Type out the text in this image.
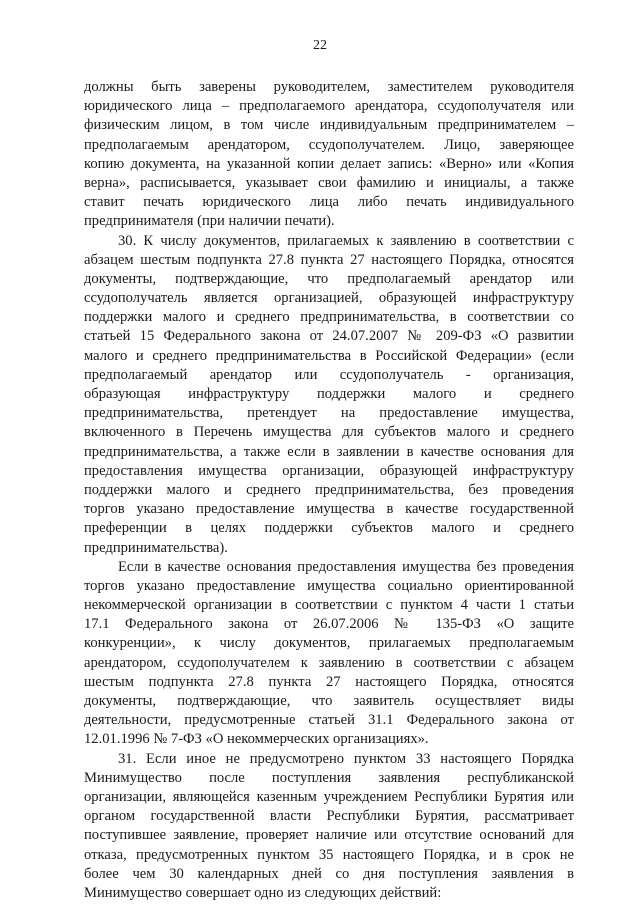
22
должны быть заверены руководителем, заместителем руководителя
юридического лица – предполагаемого арендатора, ссудополучателя или
физическим лицом, в том числе индивидуальным предпринимателем –
предполагаемым арендатором, ссудополучателем. Лицо, заверяющее
копию документа, на указанной копии делает запись: «Верно» или «Копия
верна», расписывается, указывает свои фамилию и инициалы, а также
ставит печать юридического лица либо печать индивидуального
предпринимателя (при наличии печати).
30. К числу документов, прилагаемых к заявлению в соответствии с
абзацем шестым подпункта 27.8 пункта 27 настоящего Порядка, относятся
документы, подтверждающие, что предполагаемый арендатор или
ссудополучатель является организацией, образующей инфраструктуру
поддержки малого и среднего предпринимательства, в соответствии со
статьей 15 Федерального закона от 24.07.2007 № 209-ФЗ «О развитии
малого и среднего предпринимательства в Российской Федерации» (если
предполагаемый арендатор или ссудополучатель - организация,
образующая инфраструктуру поддержки малого и среднего
предпринимательства, претендует на предоставление имущества,
включенного в Перечень имущества для субъектов малого и среднего
предпринимательства, а также если в заявлении в качестве основания для
предоставления имущества организации, образующей инфраструктуру
поддержки малого и среднего предпринимательства, без проведения
торгов указано предоставление имущества в качестве государственной
преференции в целях поддержки субъектов малого и среднего
предпринимательства).
Если в качестве основания предоставления имущества без проведения
торгов указано предоставление имущества социально ориентированной
некоммерческой организации в соответствии с пунктом 4 части 1 статьи
17.1 Федерального закона от 26.07.2006 № 135-ФЗ «О защите
конкуренции», к числу документов, прилагаемых предполагаемым
арендатором, ссудополучателем к заявлению в соответствии с абзацем
шестым подпункта 27.8 пункта 27 настоящего Порядка, относятся
документы, подтверждающие, что заявитель осуществляет виды
деятельности, предусмотренные статьей 31.1 Федерального закона от
12.01.1996 № 7-ФЗ «О некоммерческих организациях».
31. Если иное не предусмотрено пунктом 33 настоящего Порядка
Минимущество после поступления заявления республиканской
организации, являющейся казенным учреждением Республики Бурятия или
органом государственной власти Республики Бурятия, рассматривает
поступившее заявление, проверяет наличие или отсутствие оснований для
отказа, предусмотренных пунктом 35 настоящего Порядка, и в срок не
более чем 30 календарных дней со дня поступления заявления в
Минимущество совершает одно из следующих действий:
